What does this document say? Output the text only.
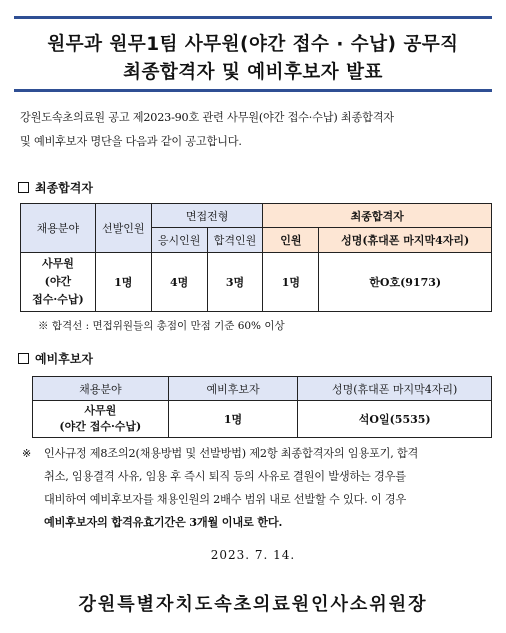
원무과 원무1팀 사무원(야간 접수 · 수납) 공무직
최종합격자 및 예비후보자 발표
강원도속초의료원 공고 제2023-90호 관련 사무원(야간 접수·수납) 최종합격자
및 예비후보자 명단을 다음과 같이 공고합니다.
최종합격자
채용분야	선발인원	면접전형		최종합격자	
		응시인원	합격인원	인원	성명(휴대폰 마지막4자리)

사무원
(야간
접수·수납)	1명	4명	3명	1명	한O호(9173)
※ 합격선 : 면접위원들의 총점이 만점 기준 60% 이상
예비후보자
채용분야	예비후보자	성명(휴대폰 마지막4자리)

사무원
(야간 접수·수납)	1명	석O일(5535)
※	인사규정 제8조의2(채용방법 및 선발방법) 제2항 최종합격자의 임용포기, 합격
취소, 임용결격 사유, 임용 후 즉시 퇴직 등의 사유로 결원이 발생하는 경우를
대비하여 예비후보자를 채용인원의 2배수 범위 내로 선발할 수 있다. 이 경우
예비후보자의 합격유효기간은 3개월 이내로 한다.
2023. 7. 14.
강원특별자치도속초의료원인사소위원장
